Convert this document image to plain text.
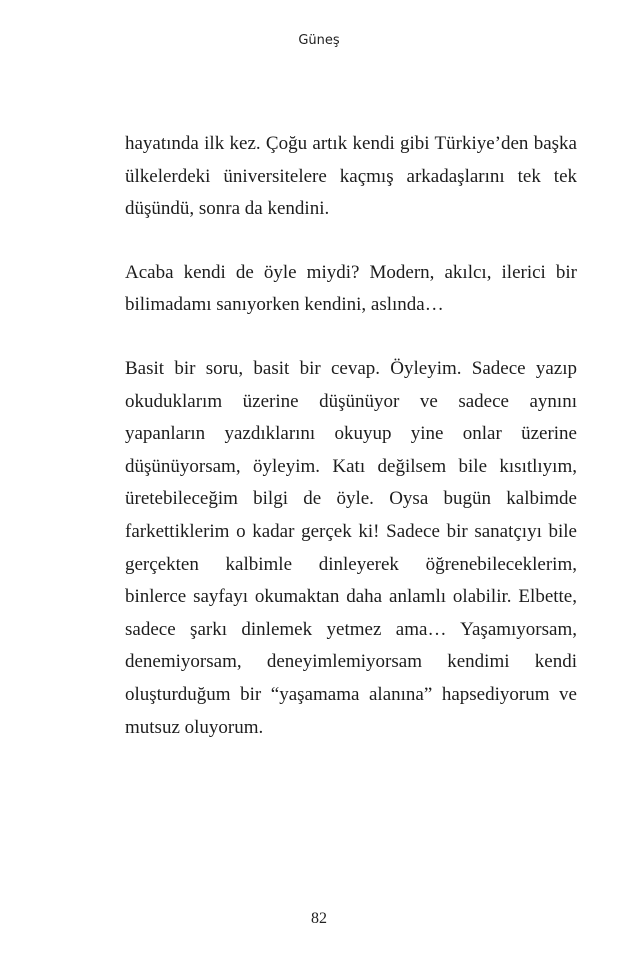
Güneş

hayatında ilk kez. Çoğu artık kendi gibi Türkiye’den başka ülkelerdeki üniversitelere kaçmış arkadaşlarını tek tek düşündü, sonra da kendini.

Acaba kendi de öyle miydi? Modern, akılcı, ilerici bir bilimadamı sanıyorken kendini, aslında…

Basit bir soru, basit bir cevap. Öyleyim. Sadece yazıp okuduklarım üzerine düşünüyor ve sadece aynını yapanların yazdıklarını okuyup yine onlar üzerine düşünüyorsam, öyleyim. Katı değilsem bile kısıtlıyım, üretebileceğim bilgi de öyle. Oysa bugün kalbimde farkettiklerim o kadar gerçek ki! Sadece bir sanatçıyı bile gerçekten kalbimle dinleyerek öğrenebileceklerim, binlerce sayfayı okumaktan daha anlamlı olabilir. Elbette, sadece şarkı dinlemek yetmez ama… Yaşamıyorsam, denemiyorsam, deneyimlemiyorsam kendimi kendi oluşturduğum bir “yaşamama alanına” hapsediyorum ve mutsuz oluyorum.

82
